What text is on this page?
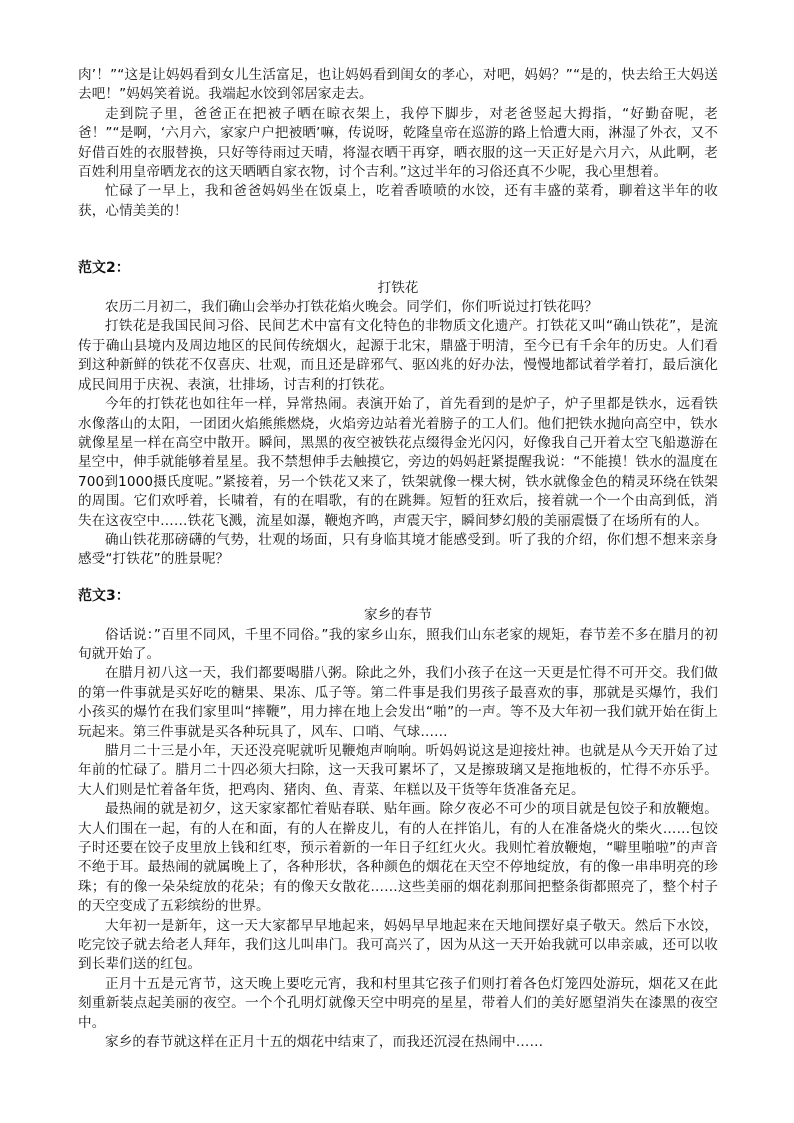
肉’！”“这是让妈妈看到女儿生活富足，也让妈妈看到闺女的孝心，对吧，妈妈？”“是的，快去给王大妈送去吧！”妈妈笑着说。我端起水饺到邻居家走去。

走到院子里，爸爸正在把被子晒在晾衣架上，我停下脚步，对老爸竖起大拇指，“好勤奋呢，老爸！”“是啊，‘六月六，家家户户把被晒’嘛，传说呀，乾隆皇帝在巡游的路上恰遭大雨，淋湿了外衣，又不好借百姓的衣服替换，只好等待雨过天晴，将湿衣晒干再穿，晒衣服的这一天正好是六月六，从此啊，老百姓利用皇帝晒龙衣的这天晒晒自家衣物，讨个吉利。”这过半年的习俗还真不少呢，我心里想着。

忙碌了一早上，我和爸爸妈妈坐在饭桌上，吃着香喷喷的水饺，还有丰盛的菜肴，聊着这半年的收获，心情美美的！

范文2：

打铁花

农历二月初二，我们确山会举办打铁花焰火晚会。同学们，你们听说过打铁花吗？

打铁花是我国民间习俗、民间艺术中富有文化特色的非物质文化遗产。打铁花又叫“确山铁花”，是流传于确山县境内及周边地区的民间传统烟火，起源于北宋，鼎盛于明清，至今已有千余年的历史。人们看到这种新鲜的铁花不仅喜庆、壮观，而且还是辟邪气、驱凶兆的好办法，慢慢地都试着学着打，最后演化成民间用于庆祝、表演，壮排场，讨吉利的打铁花。

今年的打铁花也如往年一样，异常热闹。表演开始了，首先看到的是炉子，炉子里都是铁水，远看铁水像落山的太阳，一团团火焰熊熊燃烧，火焰旁边站着光着膀子的工人们。他们把铁水抛向高空中，铁水就像星星一样在高空中散开。瞬间，黑黑的夜空被铁花点缀得金光闪闪，好像我自己开着太空飞船遨游在星空中，伸手就能够着星星。我不禁想伸手去触摸它，旁边的妈妈赶紧提醒我说：“不能摸！铁水的温度在700到1000摄氏度呢。”紧接着，另一个铁花又来了，铁架就像一棵大树，铁水就像金色的精灵环绕在铁架的周围。它们欢呼着，长啸着，有的在唱歌，有的在跳舞。短暂的狂欢后，接着就一个一个由高到低，消失在这夜空中……铁花飞溅，流星如瀑，鞭炮齐鸣，声震天宇，瞬间梦幻般的美丽震慑了在场所有的人。

确山铁花那磅礴的气势，壮观的场面，只有身临其境才能感受到。听了我的介绍，你们想不想来亲身感受“打铁花”的胜景呢？

范文3：

家乡的春节

俗话说：”百里不同风，千里不同俗。”我的家乡山东，照我们山东老家的规矩，春节差不多在腊月的初旬就开始了。

在腊月初八这一天，我们都要喝腊八粥。除此之外，我们小孩子在这一天更是忙得不可开交。我们做的第一件事就是买好吃的糖果、果冻、瓜子等。第二件事是我们男孩子最喜欢的事，那就是买爆竹，我们小孩买的爆竹在我们家里叫“摔鞭”，用力摔在地上会发出“啪”的一声。等不及大年初一我们就开始在街上玩起来。第三件事就是买各种玩具了，风车、口哨、气球……

腊月二十三是小年，天还没亮呢就听见鞭炮声响响。听妈妈说这是迎接灶神。也就是从今天开始了过年前的忙碌了。腊月二十四必须大扫除，这一天我可累坏了，又是擦玻璃又是拖地板的，忙得不亦乐乎。大人们则是忙着备年货，把鸡肉、猪肉、鱼、青菜、年糕以及干货等年货准备充足。

最热闹的就是初夕，这天家家都忙着贴春联、贴年画。除夕夜必不可少的项目就是包饺子和放鞭炮。大人们围在一起，有的人在和面，有的人在擀皮儿，有的人在拌馅儿，有的人在准备烧火的柴火……包饺子时还要在饺子皮里放上钱和红枣，预示着新的一年日子红红火火。我则忙着放鞭炮，“噼里啪啦”的声音不绝于耳。最热闹的就属晚上了，各种形状，各种颜色的烟花在天空不停地绽放，有的像一串串明亮的珍珠；有的像一朵朵绽放的花朵；有的像天女散花……这些美丽的烟花刹那间把整条街都照亮了，整个村子的天空变成了五彩缤纷的世界。

大年初一是新年，这一天大家都早早地起来，妈妈早早地起来在天地间摆好桌子敬天。然后下水饺，吃完饺子就去给老人拜年，我们这儿叫串门。我可高兴了，因为从这一天开始我就可以串亲戚，还可以收到长辈们送的红包。

正月十五是元宵节，这天晚上要吃元宵，我和村里其它孩子们则打着各色灯笼四处游玩，烟花又在此刻重新装点起美丽的夜空。一个个孔明灯就像天空中明亮的星星，带着人们的美好愿望消失在漆黑的夜空中。

家乡的春节就这样在正月十五的烟花中结束了，而我还沉浸在热闹中……
